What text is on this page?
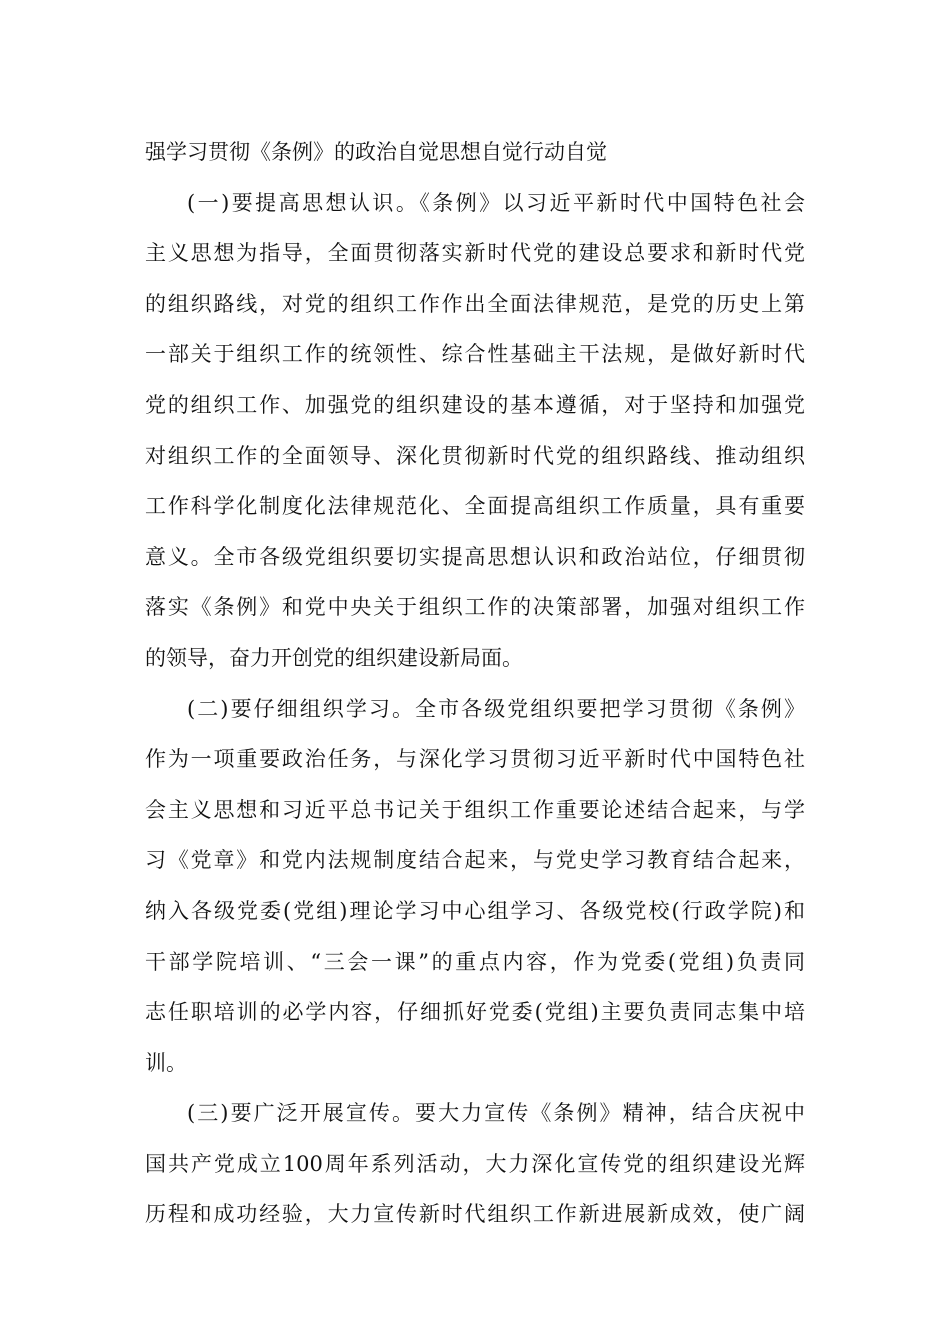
强学习贯彻《条例》的政治自觉思想自觉行动自觉
(一)要提高思想认识。《条例》以习近平新时代中国特色社会
主义思想为指导，全面贯彻落实新时代党的建设总要求和新时代党
的组织路线，对党的组织工作作出全面法律规范，是党的历史上第
一部关于组织工作的统领性、综合性基础主干法规，是做好新时代
党的组织工作、加强党的组织建设的基本遵循，对于坚持和加强党
对组织工作的全面领导、深化贯彻新时代党的组织路线、推动组织
工作科学化制度化法律规范化、全面提高组织工作质量，具有重要
意义。全市各级党组织要切实提高思想认识和政治站位，仔细贯彻
落实《条例》和党中央关于组织工作的决策部署，加强对组织工作
的领导，奋力开创党的组织建设新局面。
(二)要仔细组织学习。全市各级党组织要把学习贯彻《条例》
作为一项重要政治任务，与深化学习贯彻习近平新时代中国特色社
会主义思想和习近平总书记关于组织工作重要论述结合起来，与学
习《党章》和党内法规制度结合起来，与党史学习教育结合起来，
纳入各级党委(党组)理论学习中心组学习、各级党校(行政学院)和
干部学院培训、“三会一课”的重点内容，作为党委(党组)负责同
志任职培训的必学内容，仔细抓好党委(党组)主要负责同志集中培
训。
(三)要广泛开展宣传。要大力宣传《条例》精神，结合庆祝中
国共产党成立100周年系列活动，大力深化宣传党的组织建设光辉
历程和成功经验，大力宣传新时代组织工作新进展新成效，使广阔
